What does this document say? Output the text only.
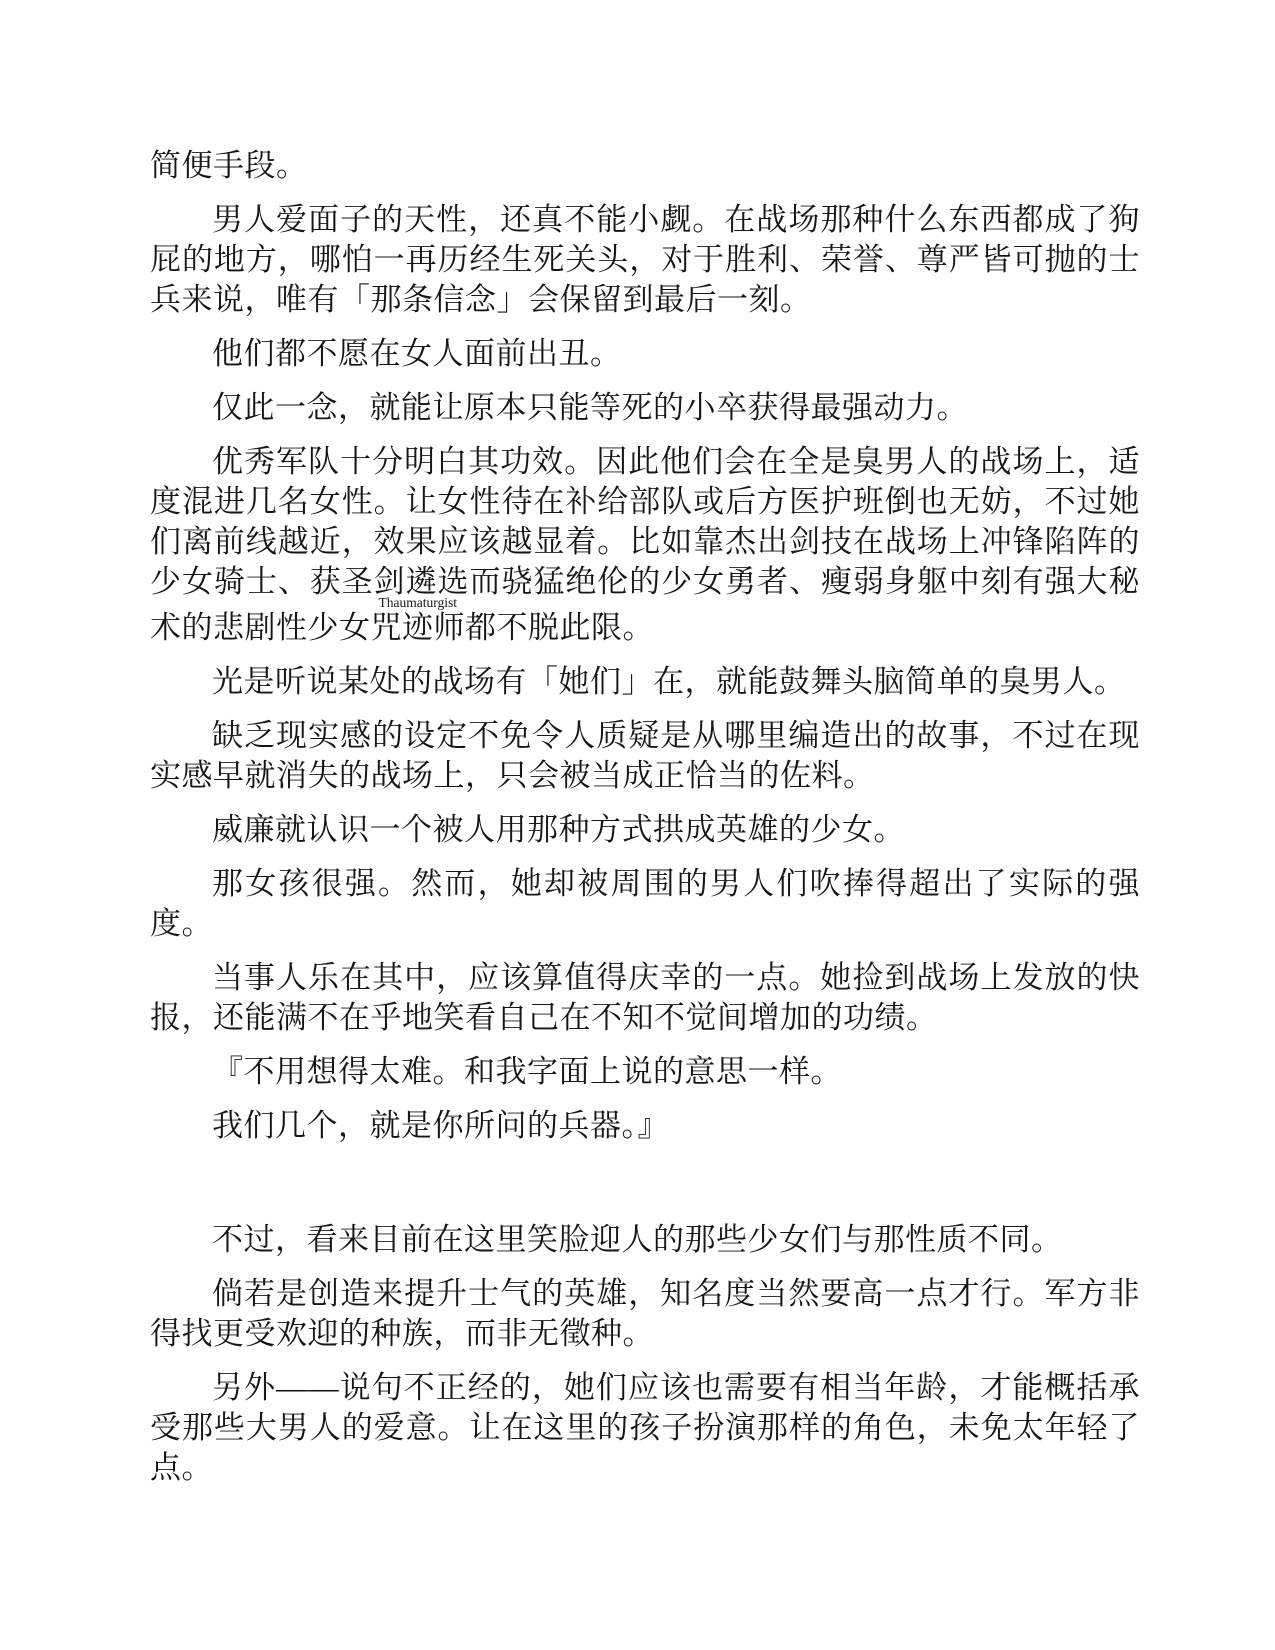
简便手段。

男人爱面子的天性，还真不能小觑。在战场那种什么东西都成了狗屁的地方，哪怕一再历经生死关头，对于胜利、荣誉、尊严皆可抛的士兵来说，唯有「那条信念」会保留到最后一刻。

他们都不愿在女人面前出丑。

仅此一念，就能让原本只能等死的小卒获得最强动力。

优秀军队十分明白其功效。因此他们会在全是臭男人的战场上，适度混进几名女性。让女性待在补给部队或后方医护班倒也无妨，不过她们离前线越近，效果应该越显着。比如靠杰出剑技在战场上冲锋陷阵的少女骑士、获圣剑遴选而骁猛绝伦的少女勇者、瘦弱身躯中刻有强大秘术的悲剧性少女咒迹师Thaumaturgist都不脱此限。

光是听说某处的战场有「她们」在，就能鼓舞头脑简单的臭男人。

缺乏现实感的设定不免令人质疑是从哪里编造出的故事，不过在现实感早就消失的战场上，只会被当成正恰当的佐料。

威廉就认识一个被人用那种方式拱成英雄的少女。

那女孩很强。然而，她却被周围的男人们吹捧得超出了实际的强度。

当事人乐在其中，应该算值得庆幸的一点。她捡到战场上发放的快报，还能满不在乎地笑看自己在不知不觉间增加的功绩。

『不用想得太难。和我字面上说的意思一样。

我们几个，就是你所问的兵器。』

不过，看来目前在这里笑脸迎人的那些少女们与那性质不同。

倘若是创造来提升士气的英雄，知名度当然要高一点才行。军方非得找更受欢迎的种族，而非无徵种。

另外——说句不正经的，她们应该也需要有相当年龄，才能概括承受那些大男人的爱意。让在这里的孩子扮演那样的角色，未免太年轻了点。
